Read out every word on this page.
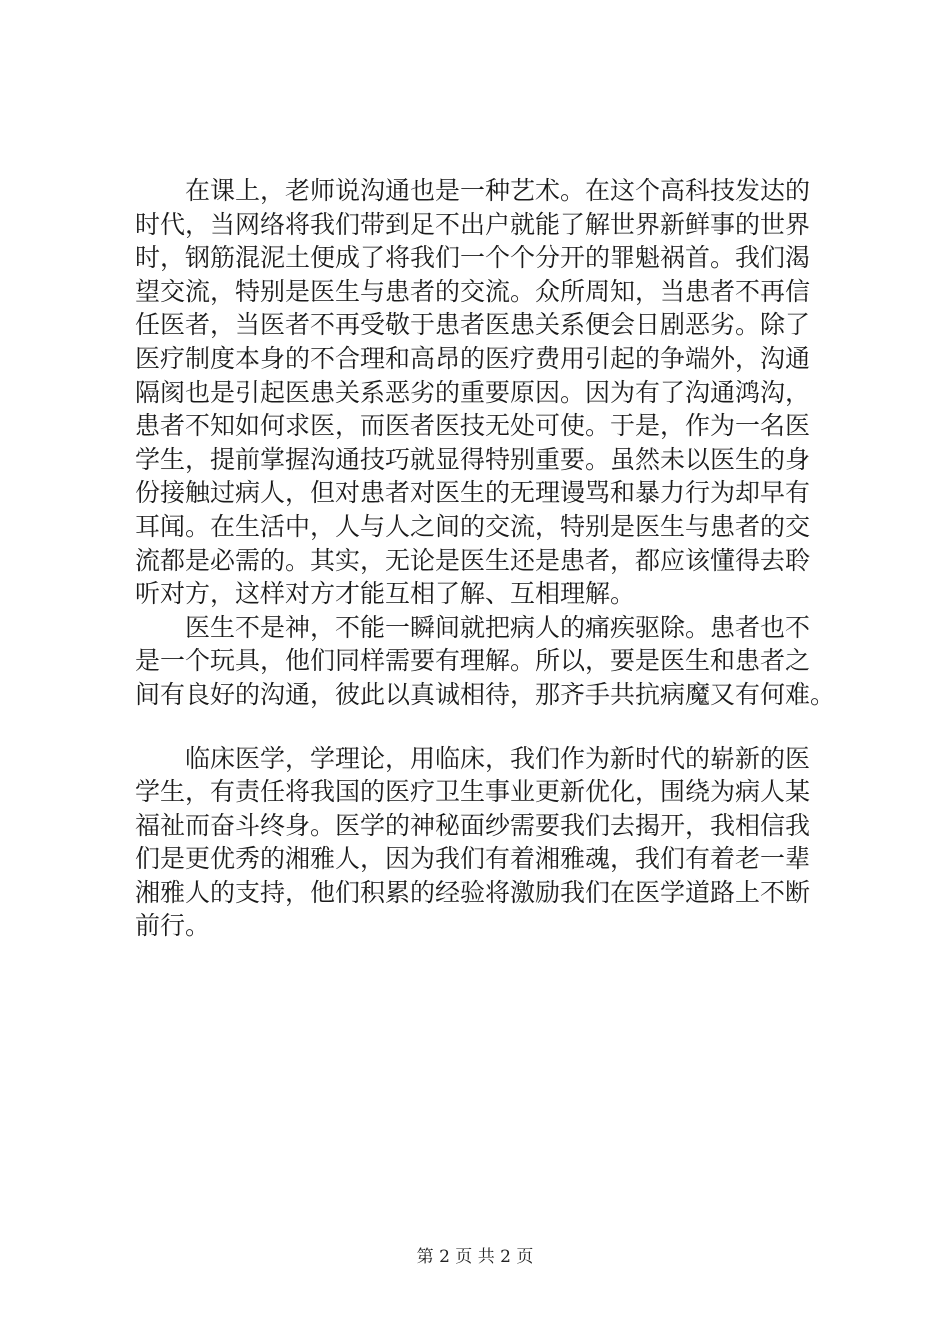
在课上，老师说沟通也是一种艺术。在这个高科技发达的
时代，当网络将我们带到足不出户就能了解世界新鲜事的世界
时，钢筋混泥土便成了将我们一个个分开的罪魁祸首。我们渴
望交流，特别是医生与患者的交流。众所周知，当患者不再信
任医者，当医者不再受敬于患者医患关系便会日剧恶劣。除了
医疗制度本身的不合理和高昂的医疗费用引起的争端外，沟通
隔阂也是引起医患关系恶劣的重要原因。因为有了沟通鸿沟，
患者不知如何求医，而医者医技无处可使。于是，作为一名医
学生，提前掌握沟通技巧就显得特别重要。虽然未以医生的身
份接触过病人，但对患者对医生的无理谩骂和暴力行为却早有
耳闻。在生活中，人与人之间的交流，特别是医生与患者的交
流都是必需的。其实，无论是医生还是患者，都应该懂得去聆
听对方，这样对方才能互相了解、互相理解。
医生不是神，不能一瞬间就把病人的痛疾驱除。患者也不
是一个玩具，他们同样需要有理解。所以，要是医生和患者之
间有良好的沟通，彼此以真诚相待，那齐手共抗病魔又有何难。
临床医学，学理论，用临床，我们作为新时代的崭新的医
学生，有责任将我国的医疗卫生事业更新优化，围绕为病人某
福祉而奋斗终身。医学的神秘面纱需要我们去揭开，我相信我
们是更优秀的湘雅人，因为我们有着湘雅魂，我们有着老一辈
湘雅人的支持，他们积累的经验将激励我们在医学道路上不断
前行。
第 2 页 共 2 页
